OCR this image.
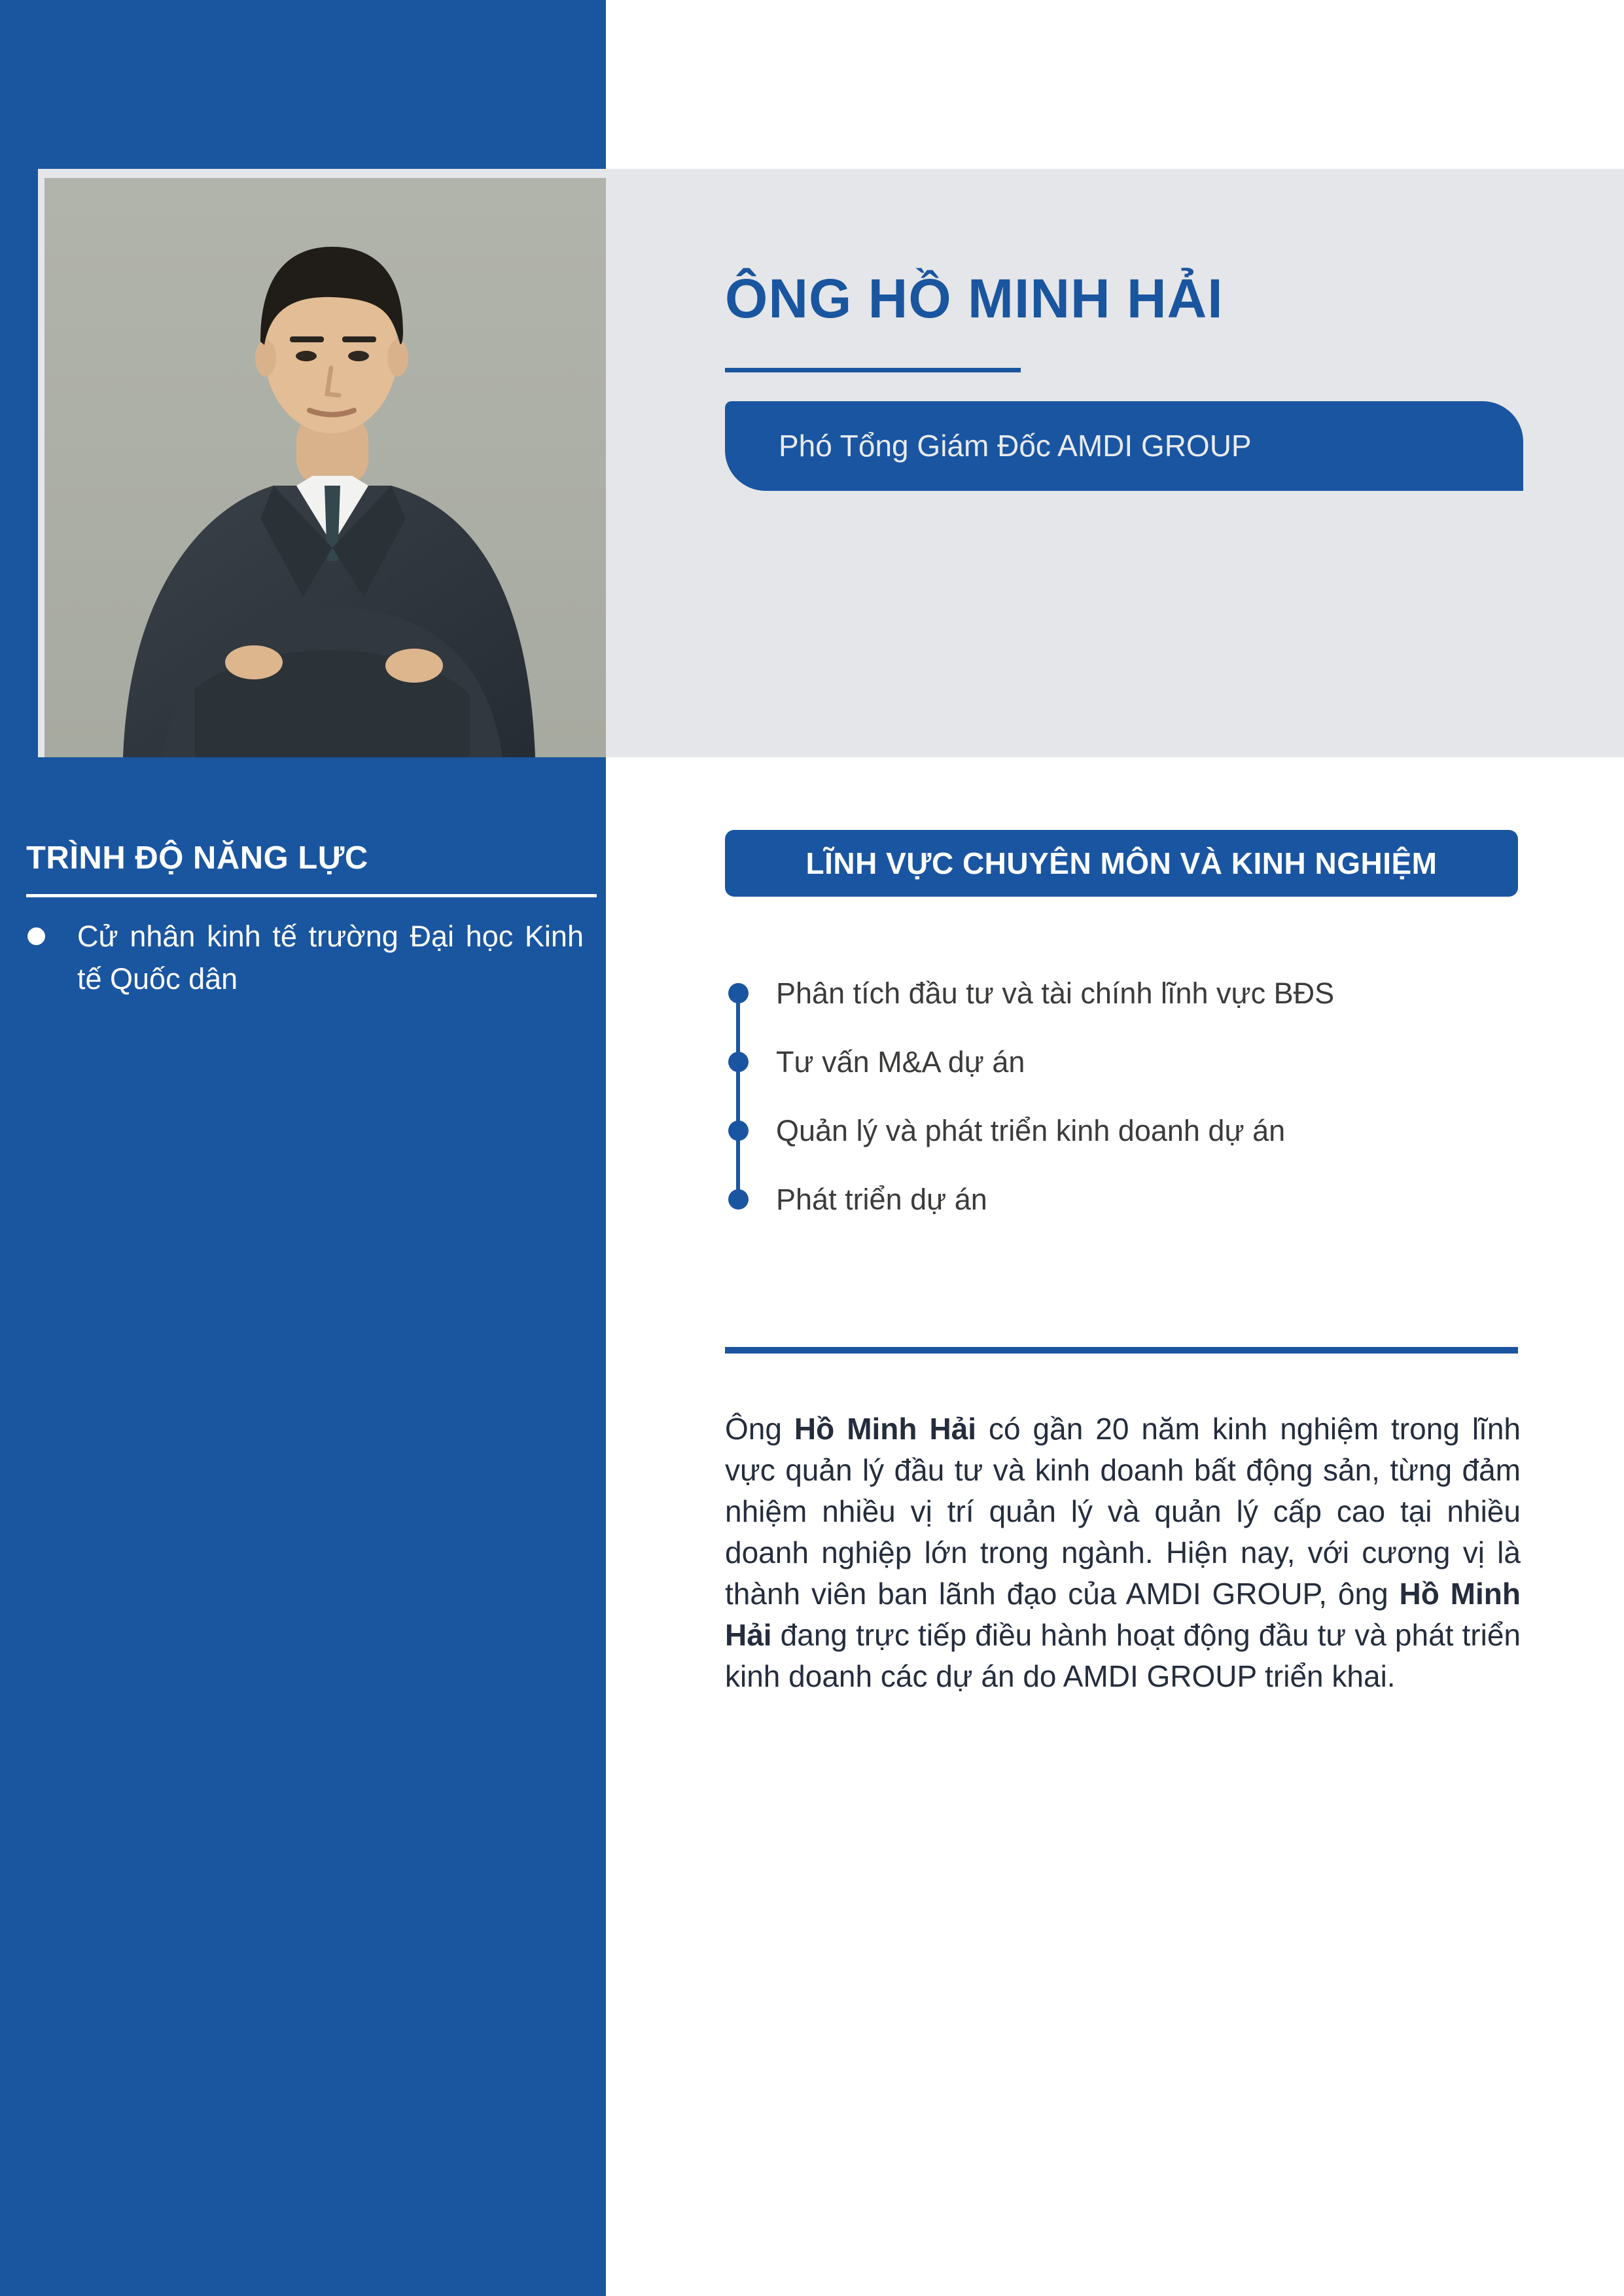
ÔNG HỒ MINH HẢI
Phó Tổng Giám Đốc AMDI GROUP
TRÌNH ĐỘ NĂNG LỰC
Cử nhân kinh tế trường Đại học Kinh tế Quốc dân
LĨNH VỰC CHUYÊN MÔN VÀ KINH NGHIỆM
Phân tích đầu tư và tài chính lĩnh vực BĐS
Tư vấn M&A dự án
Quản lý và phát triển kinh doanh dự án
Phát triển dự án

Ông Hồ Minh Hải có gần 20 năm kinh nghiệm trong lĩnh vực quản lý đầu tư và kinh doanh bất động sản, từng đảm nhiệm nhiều vị trí quản lý và quản lý cấp cao tại nhiều doanh nghiệp lớn trong ngành. Hiện nay, với cương vị là thành viên ban lãnh đạo của AMDI GROUP, ông Hồ Minh Hải đang trực tiếp điều hành hoạt động đầu tư và phát triển kinh doanh các dự án do AMDI GROUP triển khai.
